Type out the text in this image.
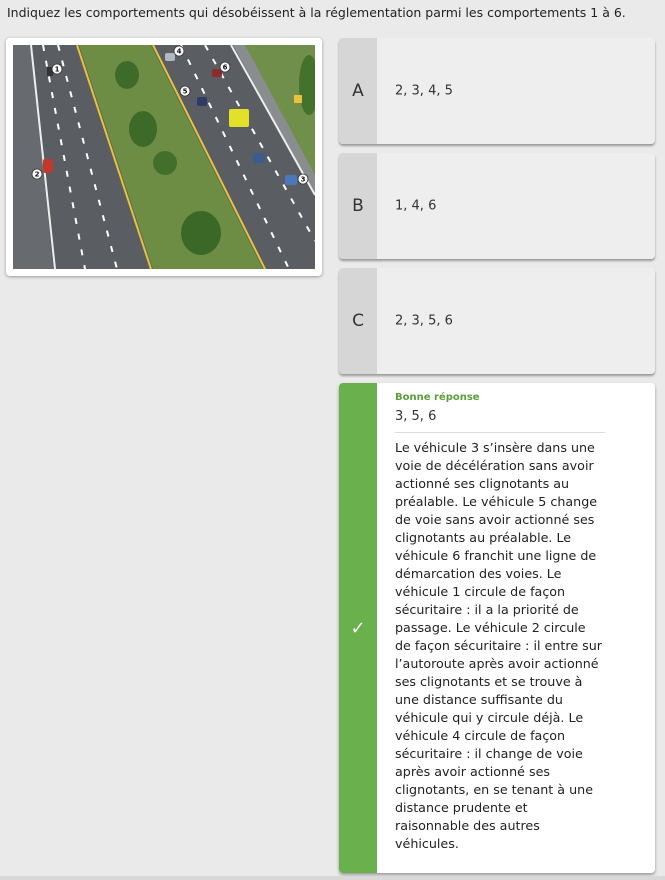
Indiquez les comportements qui désobéissent à la réglementation parmi les comportements 1 à 6.
1
2
3
4
5
6
A 2, 3, 4, 5
B 1, 4, 6
C 2, 3, 5, 6
✓
Bonne réponse
3, 5, 6
Le véhicule 3 s’insère dans une voie de décélération sans avoir actionné ses clignotants au préalable. Le véhicule 5 change de voie sans avoir actionné ses clignotants au préalable. Le véhicule 6 franchit une ligne de démarcation des voies. Le véhicule 1 circule de façon sécuritaire : il a la priorité de passage. Le véhicule 2 circule de façon sécuritaire : il entre sur l’autoroute après avoir actionné ses clignotants et se trouve à une distance suffisante du véhicule qui y circule déjà. Le véhicule 4 circule de façon sécuritaire : il change de voie après avoir actionné ses clignotants, en se tenant à une distance prudente et raisonnable des autres véhicules.
